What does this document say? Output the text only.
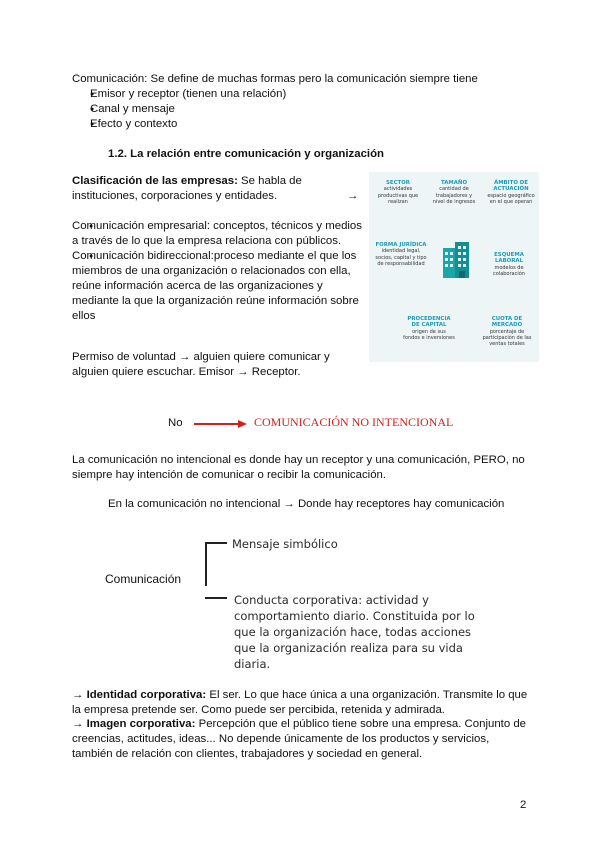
Comunicación: Se define de muchas formas pero la comunicación siempre tiene

● Emisor y receptor (tienen una relación)
● Canal y mensaje
● Efecto y contexto

1.2. La relación entre comunicación y organización

Clasificación de las empresas: Se habla de instituciones, corporaciones y entidades.	→
● Comunicación empresarial: conceptos, técnicos y medios a través de lo que la empresa relaciona con públicos.
● Comunicación bidireccional:proceso mediante el que los miembros de una organización o relacionados con ella, reúne información acerca de las organizaciones y mediante la que la organización reúne información sobre ellos

Permiso de voluntad → alguien quiere comunicar y alguien quiere escuchar. Emisor → Receptor.

SECTOR
actividades productivas que realizan
TAMAÑO
cantidad de trabajadores y nivel de ingresos
ÁMBITO DE ACTUACIÓN
espacio geográfico en el que operan
FORMA JURÍDICA
identidad legal, socios, capital y tipo de responsabilidad
ESQUEMA LABORAL
modelos de colaboración
PROCEDENCIA DE CAPITAL
origen de sus fondos e inversiones
CUOTA DE MERCADO
porcentaje de participación de las ventas totales
No	COMUNICACIÓN NO INTENCIONAL

La comunicación no intencional es donde hay un receptor y una comunicación, PERO, no siempre hay intención de comunicar o recibir la comunicación.

En la comunicación no intencional → Donde hay receptores hay comunicación

Comunicación
Mensaje simbólico

Conducta corporativa: actividad y comportamiento diario. Constituida por lo que la organización hace, todas acciones que la organización realiza para su vida diaria.

→ Identidad corporativa: El ser. Lo que hace única a una organización. Transmite lo que la empresa pretende ser. Como puede ser percibida, retenida y admirada.

→ Imagen corporativa: Percepción que el público tiene sobre una empresa. Conjunto de creencias, actitudes, ideas... No depende únicamente de los productos y servicios, también de relación con clientes, trabajadores y sociedad en general.

2
